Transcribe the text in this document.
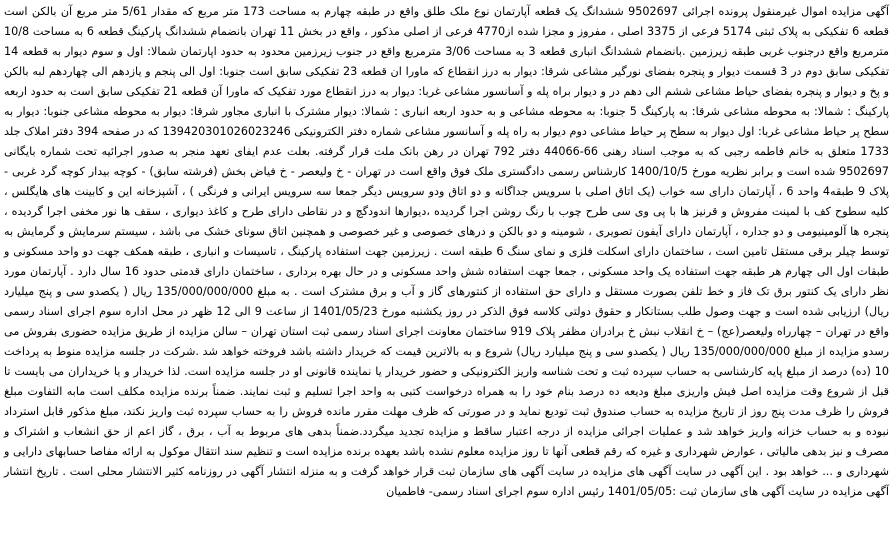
آگهی مزایده اموال غیرمنقول پرونده اجرائی 9502697 ششدانگ یک قطعه آپارتمان نوع ملک طلق واقع در طبقه چهارم به مساحت 173 متر مربع که مقدار 5/61 متر مربع آن بالکن است قطعه 6 تفکیکی به پلاک ثبتی 5174 فرعی از 3375 اصلی ، مفروز و مجزا شده از4770 فرعی از اصلی مذکور ، واقع در بخش 11 تهران بانضمام ششدانگ پارکینگ قطعه 6 به مساحت 10/8 مترمربع واقع درجنوب غربی طبقه زیرزمین .بانضمام ششدانگ انباری قطعه 3 به مساحت 3/06 مترمربع واقع در جنوب زیرزمین محدود به حدود اپارتمان شمالا: اول و سوم دیوار به قطعه 14 تفکیکی سابق دوم در 3 قسمت دیوار و پنجره بفضای نورگیر مشاعی شرقا: دیوار به درز انقطاع که ماورا ان قطعه 23 تفکیکی سابق است جنوبا: اول الی پنجم و یازدهم الی چهاردهم لبه بالکن و پخ و دیوار و پنجره بفضای حیاط مشاعی ششم الی دهم در و دیوار براه پله و آسانسور مشاعی غربا: دیوار به درز انقطاع مورد تفکیک که ماورا آن قطعه 21 تفکیکی سابق است به حدود اربعه پارکینگ : شمالا: به محوطه مشاعی شرقا: به پارکینگ 5 جنوبا: به محوطه مشاعی و به حدود اربعه انباری : شمالا: دیوار مشترک با انباری مجاور شرقا: دیوار به محوطه مشاعی جنوبا: دیوار به سطح پر حیاط مشاعی غربا: اول دیوار به سطح پر حیاط مشاعی دوم دیوار به راه پله و آسانسور مشاعی شماره دفتر الکترونیکی 139420301026023246 که در صفحه 394 دفتر املاک جلد 1733 متعلق به خانم فاطمه رجبی که به موجب اسناد رهنی 66-44066 دفتر 792 تهران در رهن بانک ملت قرار گرفته. بعلت عدم ایفای تعهد منجر به صدور اجرائیه تحت شماره بایگانی 9502697 شده است و برابر نظریه مورخ 1400/10/5 کارشناس رسمی دادگستری ملک فوق واقع است در تهران - خ ولیعصر - خ فیاض بخش (فرشته سابق) - کوچه بیدار کوچه گرد غربی - پلاک 9 طبقه4 واحد 6 ، آپارتمان دارای سه خواب (یک اتاق اصلی با سرویس جداگانه و دو اتاق ودو سرویس دیگر جمعا سه سرویس ایرانی و فرنگی ) ، آشپزخانه این و کابینت های هایگلس ، کلیه سطوح کف با لمینت مفروش و قرنیز ها با پی وی سی طرح چوب با رنگ روشن اجرا گردیده ،دیوارها اندودگچ و در نقاطی دارای طرح و کاغذ دیواری ، سقف ها نور مخفی اجرا گردیده ، پنجره ها آلومینیومی و دو جداره ، آپارتمان دارای آیفون تصویری ، شومینه و دو بالکن و درهای خصوصی و غیر خصوصی و همچنین اتاق سونای خشک می باشد ، سیستم سرمایش و گرمایش به توسط چیلر برقی مستقل تامین است ، ساختمان دارای اسکلت فلزی و نمای سنگ 6 طبقه است . زیرزمین جهت استفاده پارکینگ ، تاسیسات و انباری ، طبقه همکف جهت دو واحد مسکونی و طبقات اول الی چهارم هر طبقه جهت استفاده یک واحد مسکونی ، جمعا جهت استفاده شش واحد مسکونی و در حال بهره برداری ، ساختمان دارای قدمتی حدود 16 سال دارد . آپارتمان مورد نظر دارای یک کنتور برق تک فاز و خط تلفن بصورت مستقل و دارای حق استفاده از کنتورهای گاز و آب و برق مشترک است . به مبلغ 135/000/000/000 ریال ( یکصدو سی و پنج میلیارد ریال) ارزیابی شده است و جهت وصول طلب بستانکار و حقوق دولتی کلاسه فوق الذکر در روز یکشنبه مورخ 1401/05/23 از ساعت 9 الی 12 ظهر در محل اداره سوم اجرای اسناد رسمی واقع در تهران – چهارراه ولیعصر(عج) – خ انقلاب نبش خ برادران مظفر پلاک 919 ساختمان معاونت اجرای اسناد رسمی ثبت استان تهران – سالن مزایده از طریق مزایده حضوری بفروش می رسدو مزایده از مبلغ 135/000/000/000 ریال ( یکصدو سی و پنج میلیارد ریال) شروع و به بالاترین قیمت که خریدار داشته باشد فروخته خواهد شد .شرکت در جلسه مزایده منوط به پرداخت 10 (ده) درصد از مبلغ پایه کارشناسی به حساب سپرده ثبت و تحت شناسه واریز الکترونیکی و حضور خریدار یا نماینده قانونی او در جلسه مزایده است. لذا خریدار و یا خریداران می بایست تا قبل از شروع وقت مزایده اصل فیش واریزی مبلغ ودیعه ده درصد بنام خود را به همراه درخواست کتبی به واحد اجرا تسلیم و ثبت نمایند. ضمناً برنده مزایده مکلف است مابه التفاوت مبلغ فروش را ظرف مدت پنج روز از تاریخ مزایده به حساب صندوق ثبت تودیع نماید و در صورتی که ظرف مهلت مقرر مانده فروش را به حساب سپرده ثبت واریز نکند، مبلغ مذکور قابل استرداد نبوده و به حساب خزانه واریز خواهد شد و عملیات اجرائی مزایده از درجه اعتبار ساقط و مزایده تجدید میگردد.ضمناً بدهی های مربوط به آب ، برق ، گاز اعم از حق انشعاب و اشتراک و مصرف و نیز بدهی مالیاتی ، عوارض شهرداری و غیره که رقم قطعی آنها تا روز مزایده معلوم نشده باشد بعهده برنده مزایده است و تنظیم سند انتقال موکول به ارائه مفاصا حسابهای دارایی و شهرداری و ... خواهد بود . این آگهی در سایت آگهی های مزایده در سایت آگهی های سازمان ثبت قرار خواهد گرفت و به منزله انتشار آگهی در روزنامه کثیر الانتشار محلی است . تاریخ انتشار آگهی مزایده در سایت آگهی های سازمان ثبت :1401/05/05 رئیس اداره سوم اجرای اسناد رسمی- فاطمیان
